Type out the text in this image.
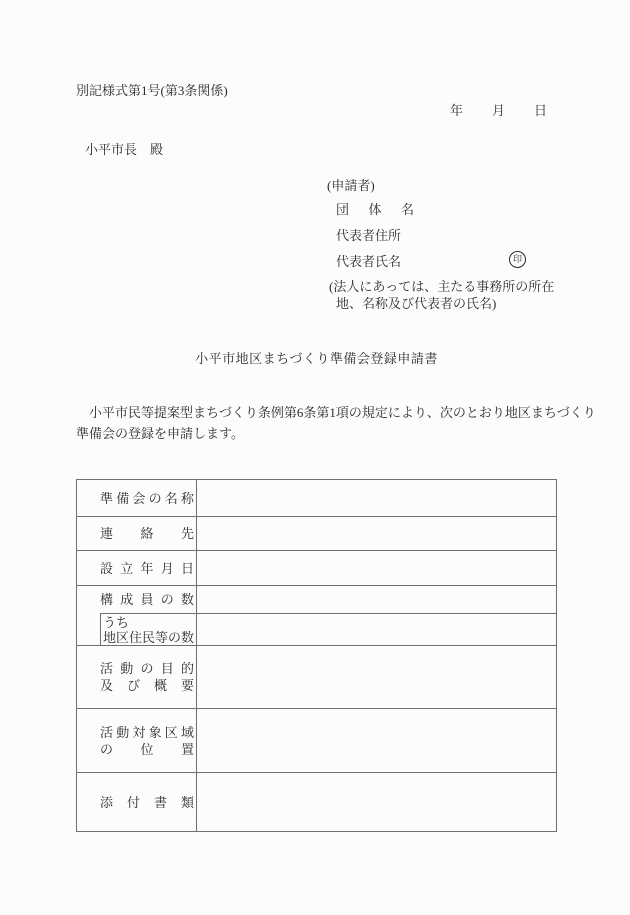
別記様式第1号(第3条関係)
年　　月　　日
小平市長　殿
(申請者)
団体名
代表者住所
代表者氏名	印
(法人にあっては、主たる事務所の所在
地、名称及び代表者の氏名)
小平市地区まちづくり準備会登録申請書
　小平市民等提案型まちづくり条例第6条第1項の規定により、次のとおり地区まちづくり
準備会の登録を申請します。
準備会の名称
連絡先
設立年月日
構成員の数
うち
地区住民等の数
活動の目的
及び概要
活動対象区域
の位置
添付書類
